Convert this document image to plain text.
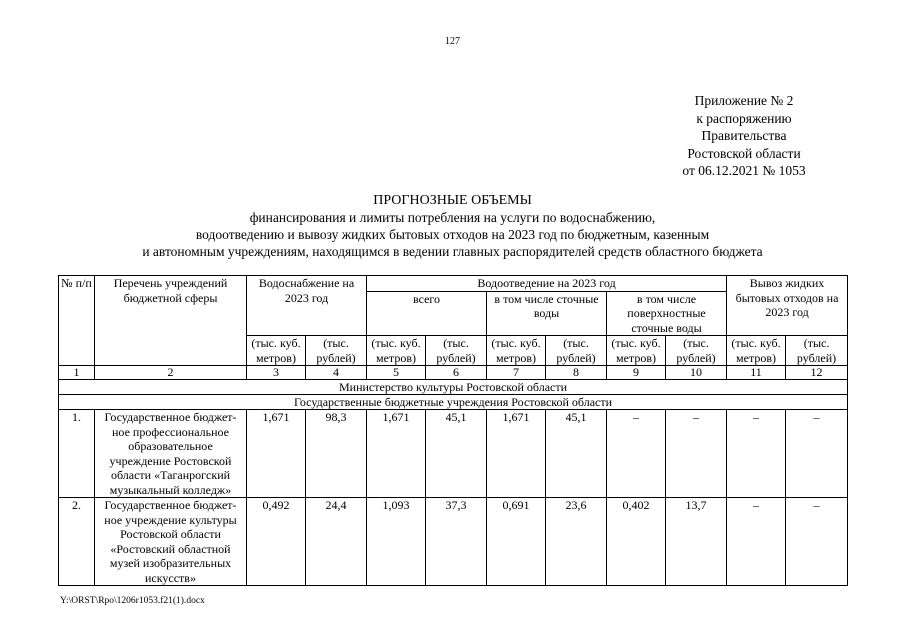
127
Приложение № 2
к распоряжению
Правительства
Ростовской области
от 06.12.2021 № 1053
ПРОГНОЗНЫЕ ОБЪЕМЫ
финансирования и лимиты потребления на услуги по водоснабжению,
водоотведению и вывозу жидких бытовых отходов на 2023 год по бюджетным, казенным
и автономным учреждениям, находящимся в ведении главных распорядителей средств областного бюджета
№ п/п	Перечень учреждений бюджетной сферы	Водоснабжение на 2023 год		Водоотведение на 2023 год						Вывоз жидких бытовых отходов на 2023 год	
				всего		в том числе сточные воды		в том числе поверхностные сточные воды			
		(тыс. куб. метров)	(тыс. рублей)	(тыс. куб. метров)	(тыс. рублей)	(тыс. куб. метров)	(тыс. рублей)	(тыс. куб. метров)	(тыс. рублей)	(тыс. куб. метров)	(тыс. рублей)
1	2	3	4	5	6	7	8	9	10	11	12
Министерство культуры Ростовской области											
Государственные бюджетные учреждения Ростовской области											
1.	Государственное бюджет-ное профессиональное образовательное учреждение Ростовской области «Таганрогский музыкальный колледж»	1,671	98,3	1,671	45,1	1,671	45,1	–	–	–	–
2.	Государственное бюджет-ное учреждение культуры Ростовской области «Ростовский областной музей изобразительных искусств»	0,492	24,4	1,093	37,3	0,691	23,6	0,402	13,7	–	–
Y:\ORST\Rpo\1206r1053.f21(1).docx
